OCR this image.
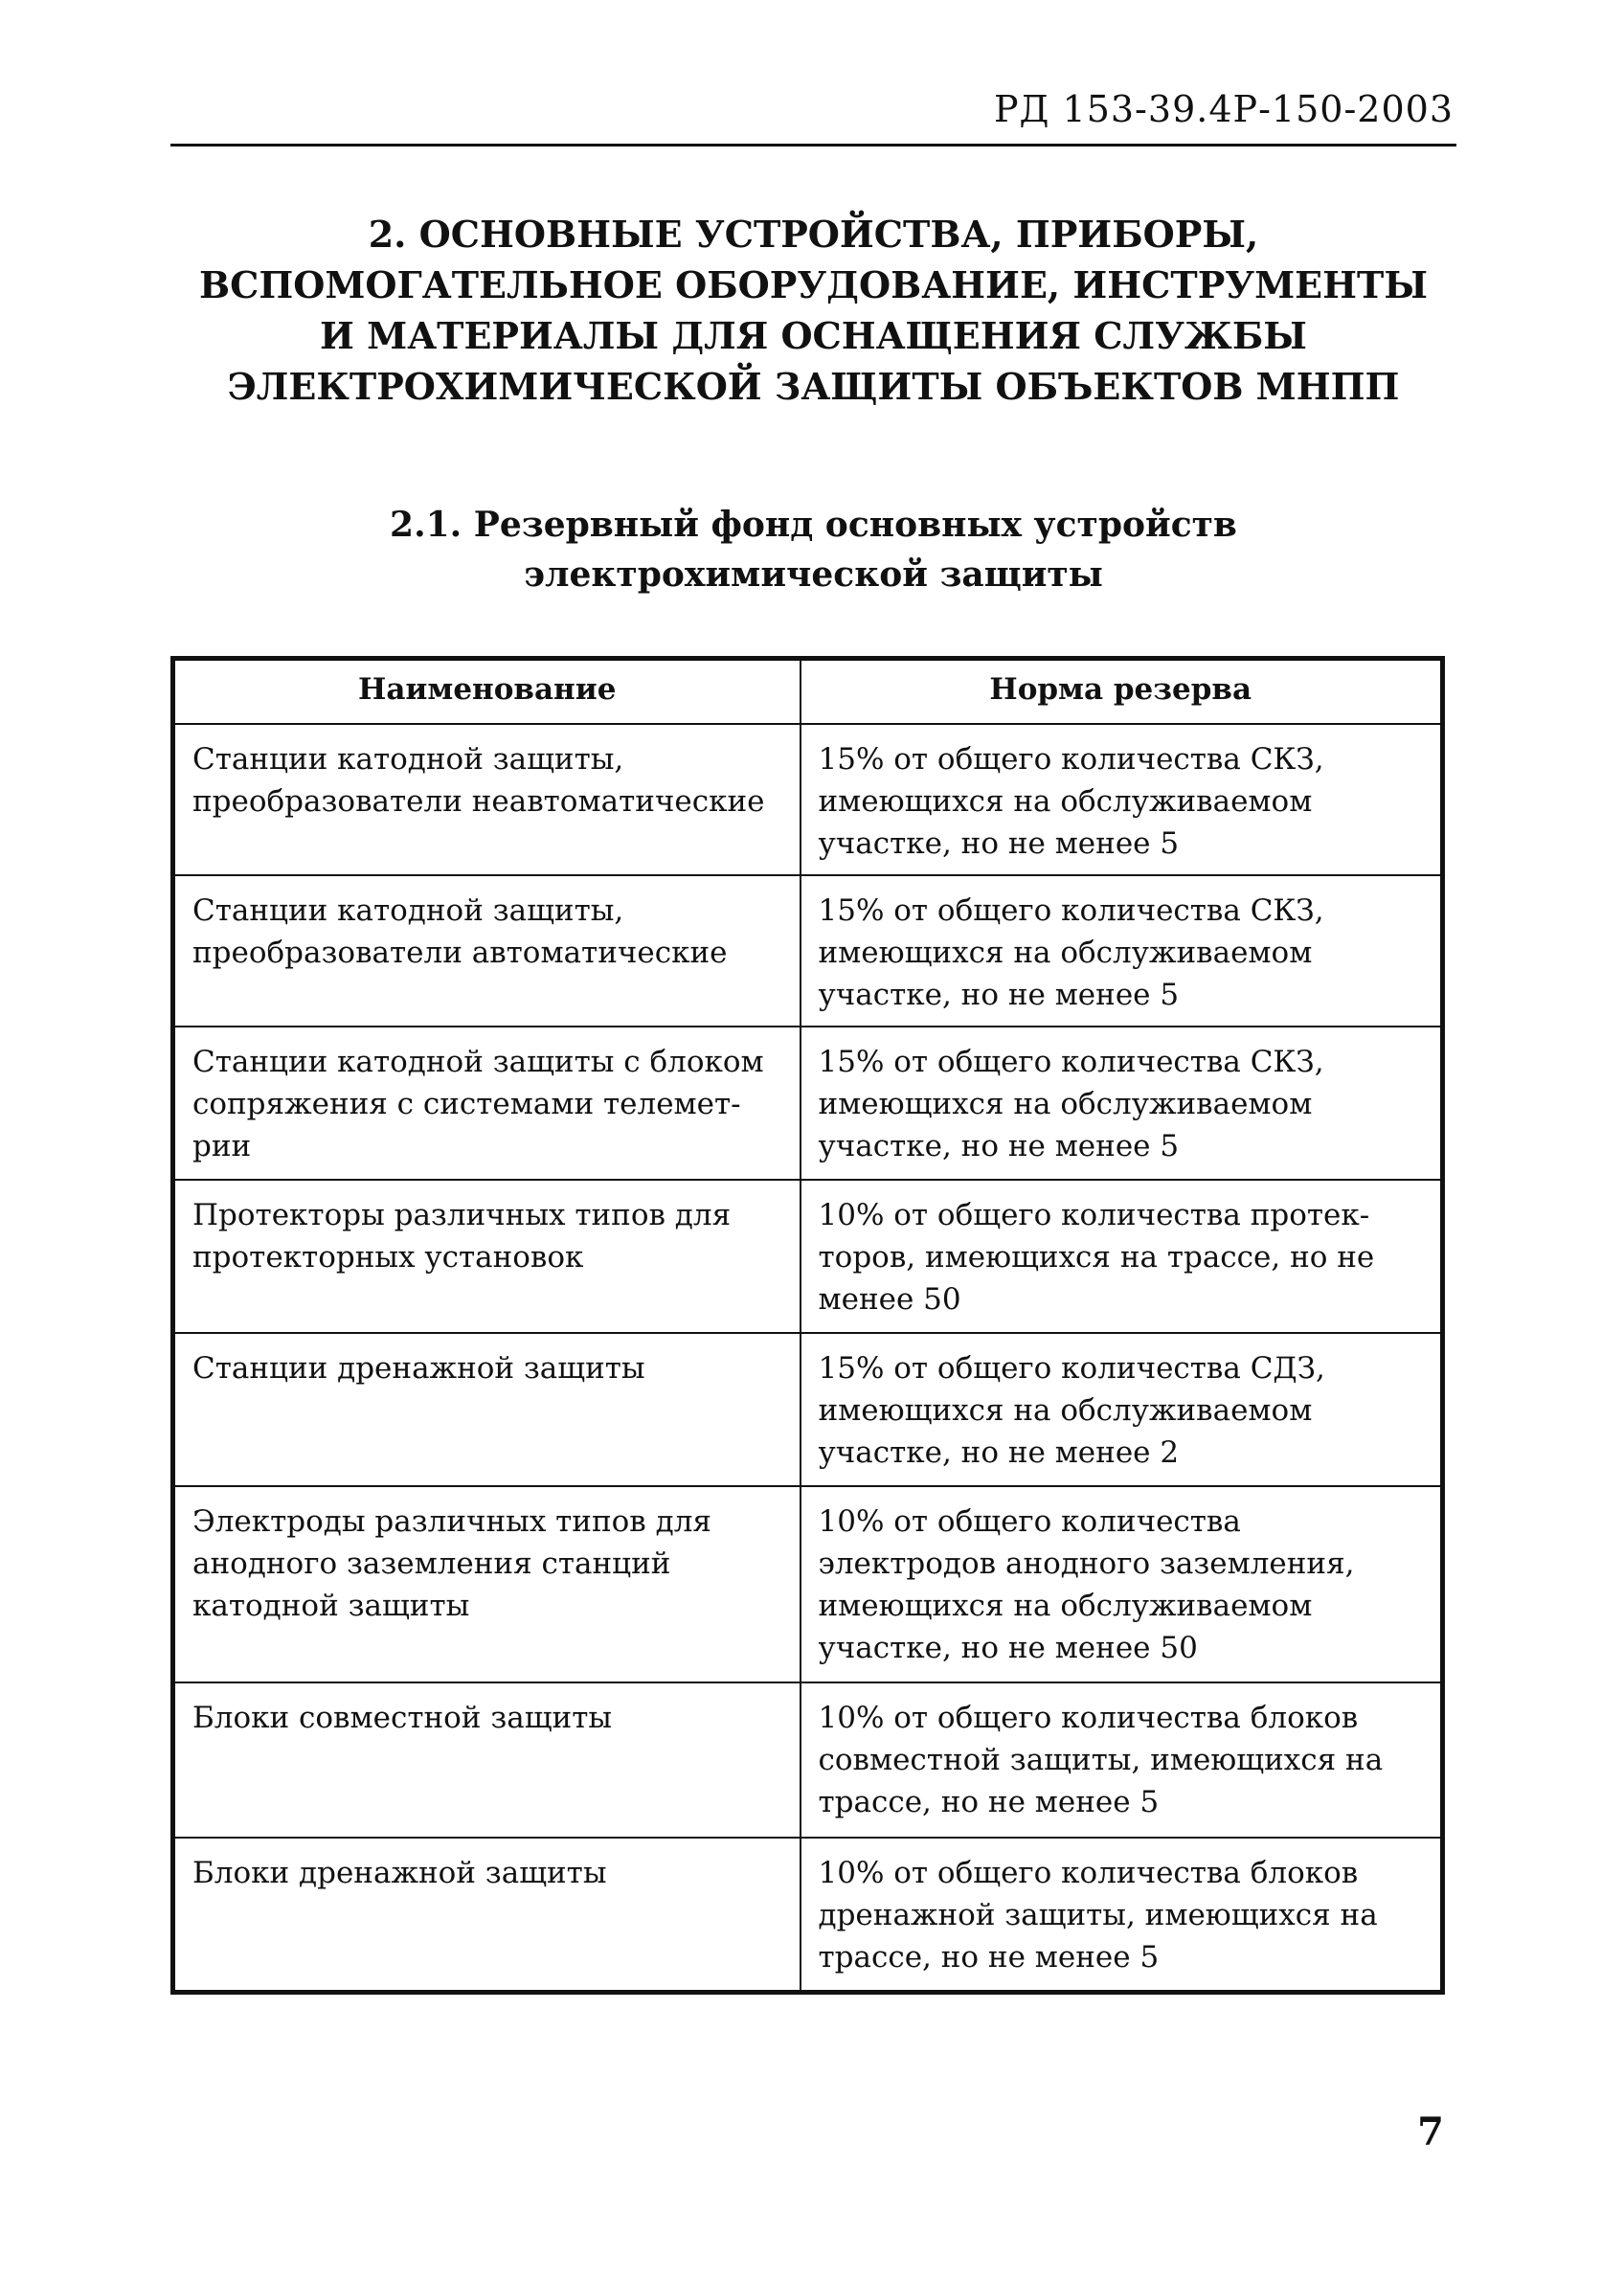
РД 153-39.4Р-150-2003
2. ОСНОВНЫЕ УСТРОЙСТВА, ПРИБОРЫ,
ВСПОМОГАТЕЛЬНОЕ ОБОРУДОВАНИЕ, ИНСТРУМЕНТЫ
И МАТЕРИАЛЫ ДЛЯ ОСНАЩЕНИЯ СЛУЖБЫ
ЭЛЕКТРОХИМИЧЕСКОЙ ЗАЩИТЫ ОБЪЕКТОВ МНПП
2.1. Резервный фонд основных устройств
электрохимической защиты
Наименование	Норма резерва
Станции катодной защиты, преобразователи неавтоматические	15% от общего количества СКЗ, имеющихся на обслуживаемом участке, но не менее 5
Станции катодной защиты, преобразователи автоматические	15% от общего количества СКЗ, имеющихся на обслуживаемом участке, но не менее 5
Станции катодной защиты с блоком сопряжения с системами телеметрии	15% от общего количества СКЗ, имеющихся на обслуживаемом участке, но не менее 5
Протекторы различных типов для протекторных установок	10% от общего количества протекторов, имеющихся на трассе, но не менее 50
Станции дренажной защиты	15% от общего количества СДЗ, имеющихся на обслуживаемом участке, но не менее 2
Электроды различных типов для анодного заземления станций катодной защиты	10% от общего количества электродов анодного заземления, имеющихся на обслуживаемом участке, но не менее 50
Блоки совместной защиты	10% от общего количества блоков совместной защиты, имеющихся на трассе, но не менее 5
Блоки дренажной защиты	10% от общего количества блоков дренажной защиты, имеющихся на трассе, но не менее 5
7
